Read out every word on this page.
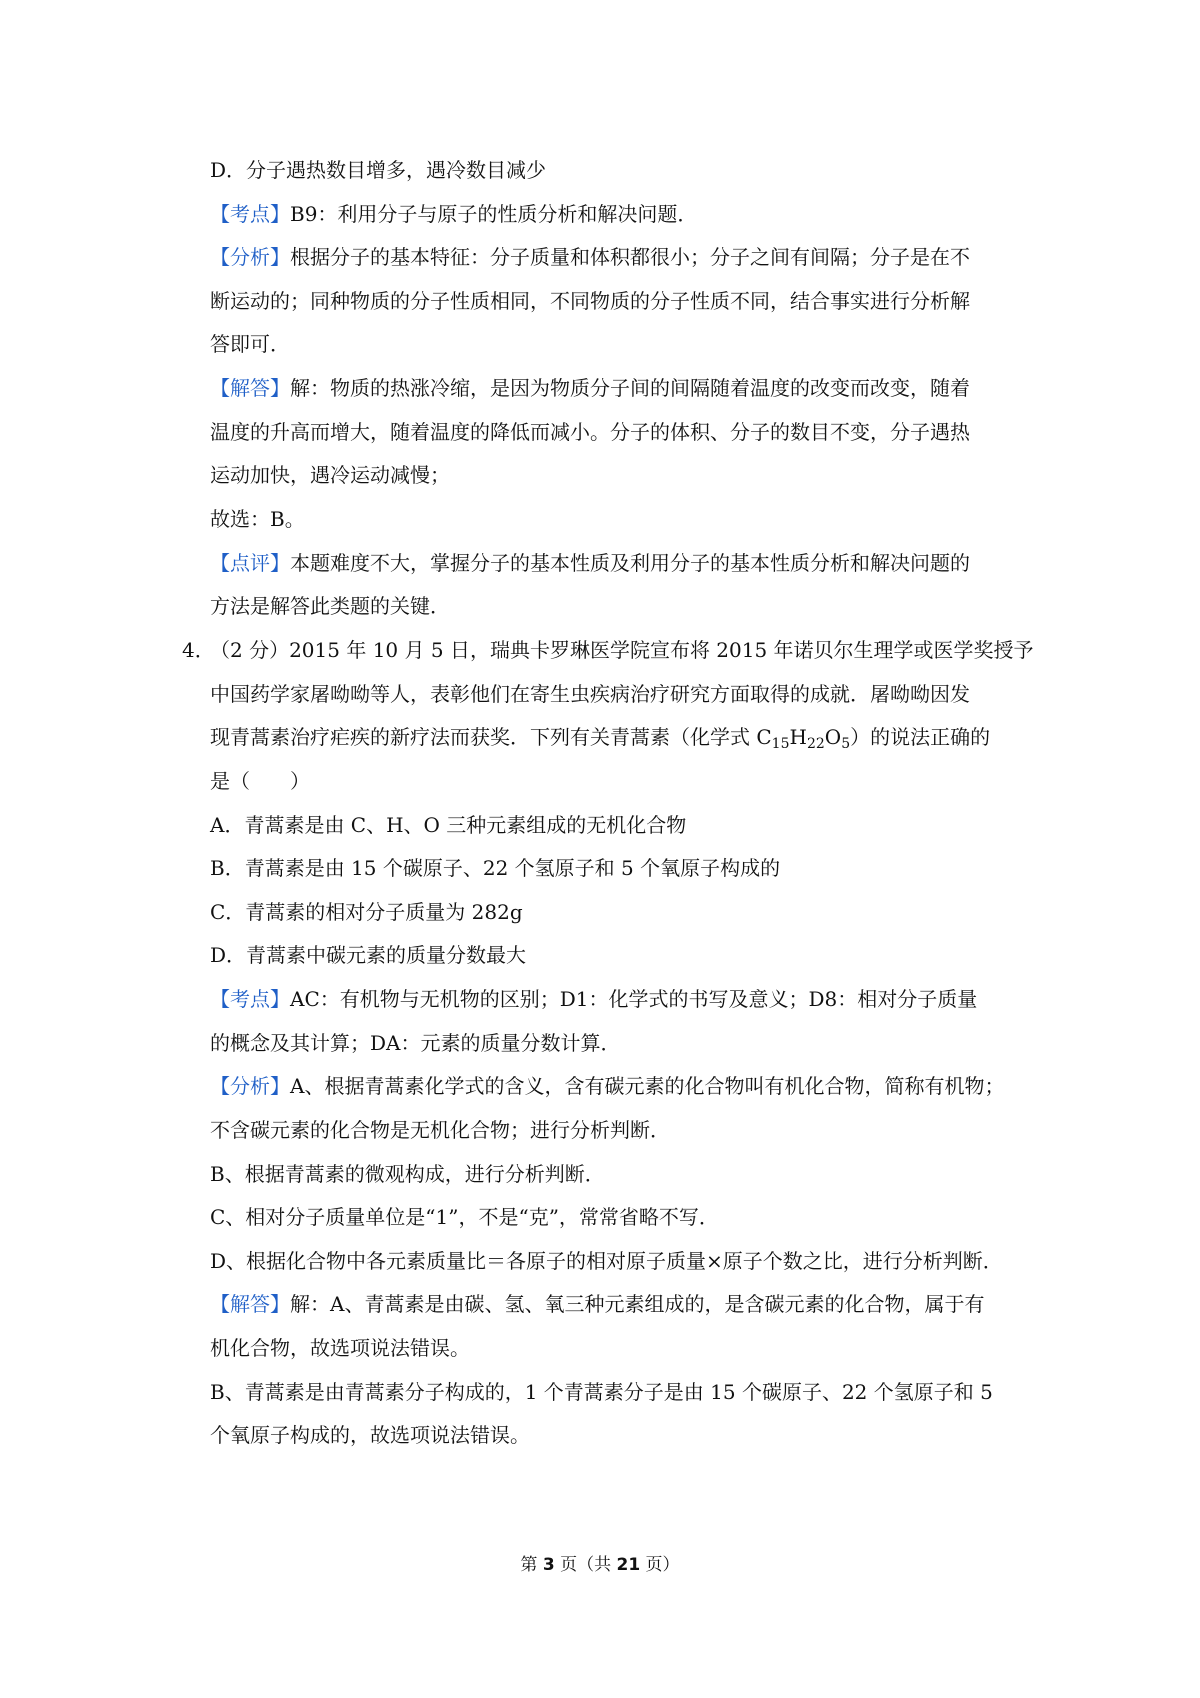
D．分子遇热数目增多，遇冷数目减少
【考点】B9：利用分子与原子的性质分析和解决问题．
【分析】根据分子的基本特征：分子质量和体积都很小；分子之间有间隔；分子是在不
断运动的；同种物质的分子性质相同，不同物质的分子性质不同，结合事实进行分析解
答即可．
【解答】解：物质的热涨冷缩，是因为物质分子间的间隔随着温度的改变而改变，随着
温度的升高而增大，随着温度的降低而减小。分子的体积、分子的数目不变，分子遇热
运动加快，遇冷运动减慢；
故选：B。
【点评】本题难度不大，掌握分子的基本性质及利用分子的基本性质分析和解决问题的
方法是解答此类题的关键．
4．
（2 分）2015 年 10 月 5 日，瑞典卡罗琳医学院宣布将 2015 年诺贝尔生理学或医学奖授予
中国药学家屠呦呦等人，表彰他们在寄生虫疾病治疗研究方面取得的成就．屠呦呦因发
现青蒿素治疗疟疾的新疗法而获奖．下列有关青蒿素（化学式 $C_{15}H_{22}O_5$）的说法正确的
是（　　）
A．青蒿素是由 C、H、O 三种元素组成的无机化合物
B．青蒿素是由 15 个碳原子、22 个氢原子和 5 个氧原子构成的
C．青蒿素的相对分子质量为 282g
D．青蒿素中碳元素的质量分数最大
【考点】AC：有机物与无机物的区别；D1：化学式的书写及意义；D8：相对分子质量
的概念及其计算；DA：元素的质量分数计算．
【分析】A、根据青蒿素化学式的含义，含有碳元素的化合物叫有机化合物，简称有机物；
不含碳元素的化合物是无机化合物；进行分析判断．
B、根据青蒿素的微观构成，进行分析判断．
C、相对分子质量单位是“1”，不是“克”，常常省略不写．
D、根据化合物中各元素质量比＝各原子的相对原子质量×原子个数之比，进行分析判断．
【解答】解：A、青蒿素是由碳、氢、氧三种元素组成的，是含碳元素的化合物，属于有
机化合物，故选项说法错误。
B、青蒿素是由青蒿素分子构成的，1 个青蒿素分子是由 15 个碳原子、22 个氢原子和 5
个氧原子构成的，故选项说法错误。
第 3 页（共 21 页）
